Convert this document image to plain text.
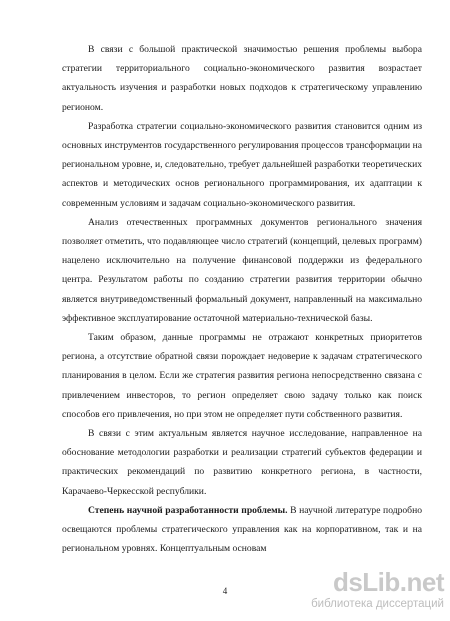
В связи с большой практической значимостью решения проблемы выбора стратегии территориального социально-экономического развития возрастает актуальность изучения и разработки новых подходов к стратегическому управлению регионом.

Разработка стратегии социально-экономического развития становится одним из основных инструментов государственного регулирования процессов трансформации на региональном уровне, и, следовательно, требует дальнейшей разработки теоретических аспектов и методических основ регионального программирования, их адаптации к современным условиям и задачам социально-экономического развития.

Анализ отечественных программных документов регионального значения позволяет отметить, что подавляющее число стратегий (концепций, целевых программ) нацелено исключительно на получение финансовой поддержки из федерального центра. Результатом работы по созданию стратегии развития территории обычно является внутриведомственный формальный документ, направленный на максимально эффективное эксплуатирование остаточной материально-технической базы.

Таким образом, данные программы не отражают конкретных приоритетов региона, а отсутствие обратной связи порождает недоверие к задачам стратегического планирования в целом. Если же стратегия развития региона непосредственно связана с привлечением инвесторов, то регион определяет свою задачу только как поиск способов его привлечения, но при этом не определяет пути собственного развития.

В связи с этим актуальным является научное исследование, направленное на обоснование методологии разработки и реализации стратегий субъектов федерации и практических рекомендаций по развитию конкретного региона, в частности, Карачаево-Черкесской республики.

Степень научной разработанности проблемы. В научной литературе подробно освещаются проблемы стратегического управления как на корпоративном, так и на региональном уровнях. Концептуальным основам

4	dsLib.net
библиотека диссертаций
